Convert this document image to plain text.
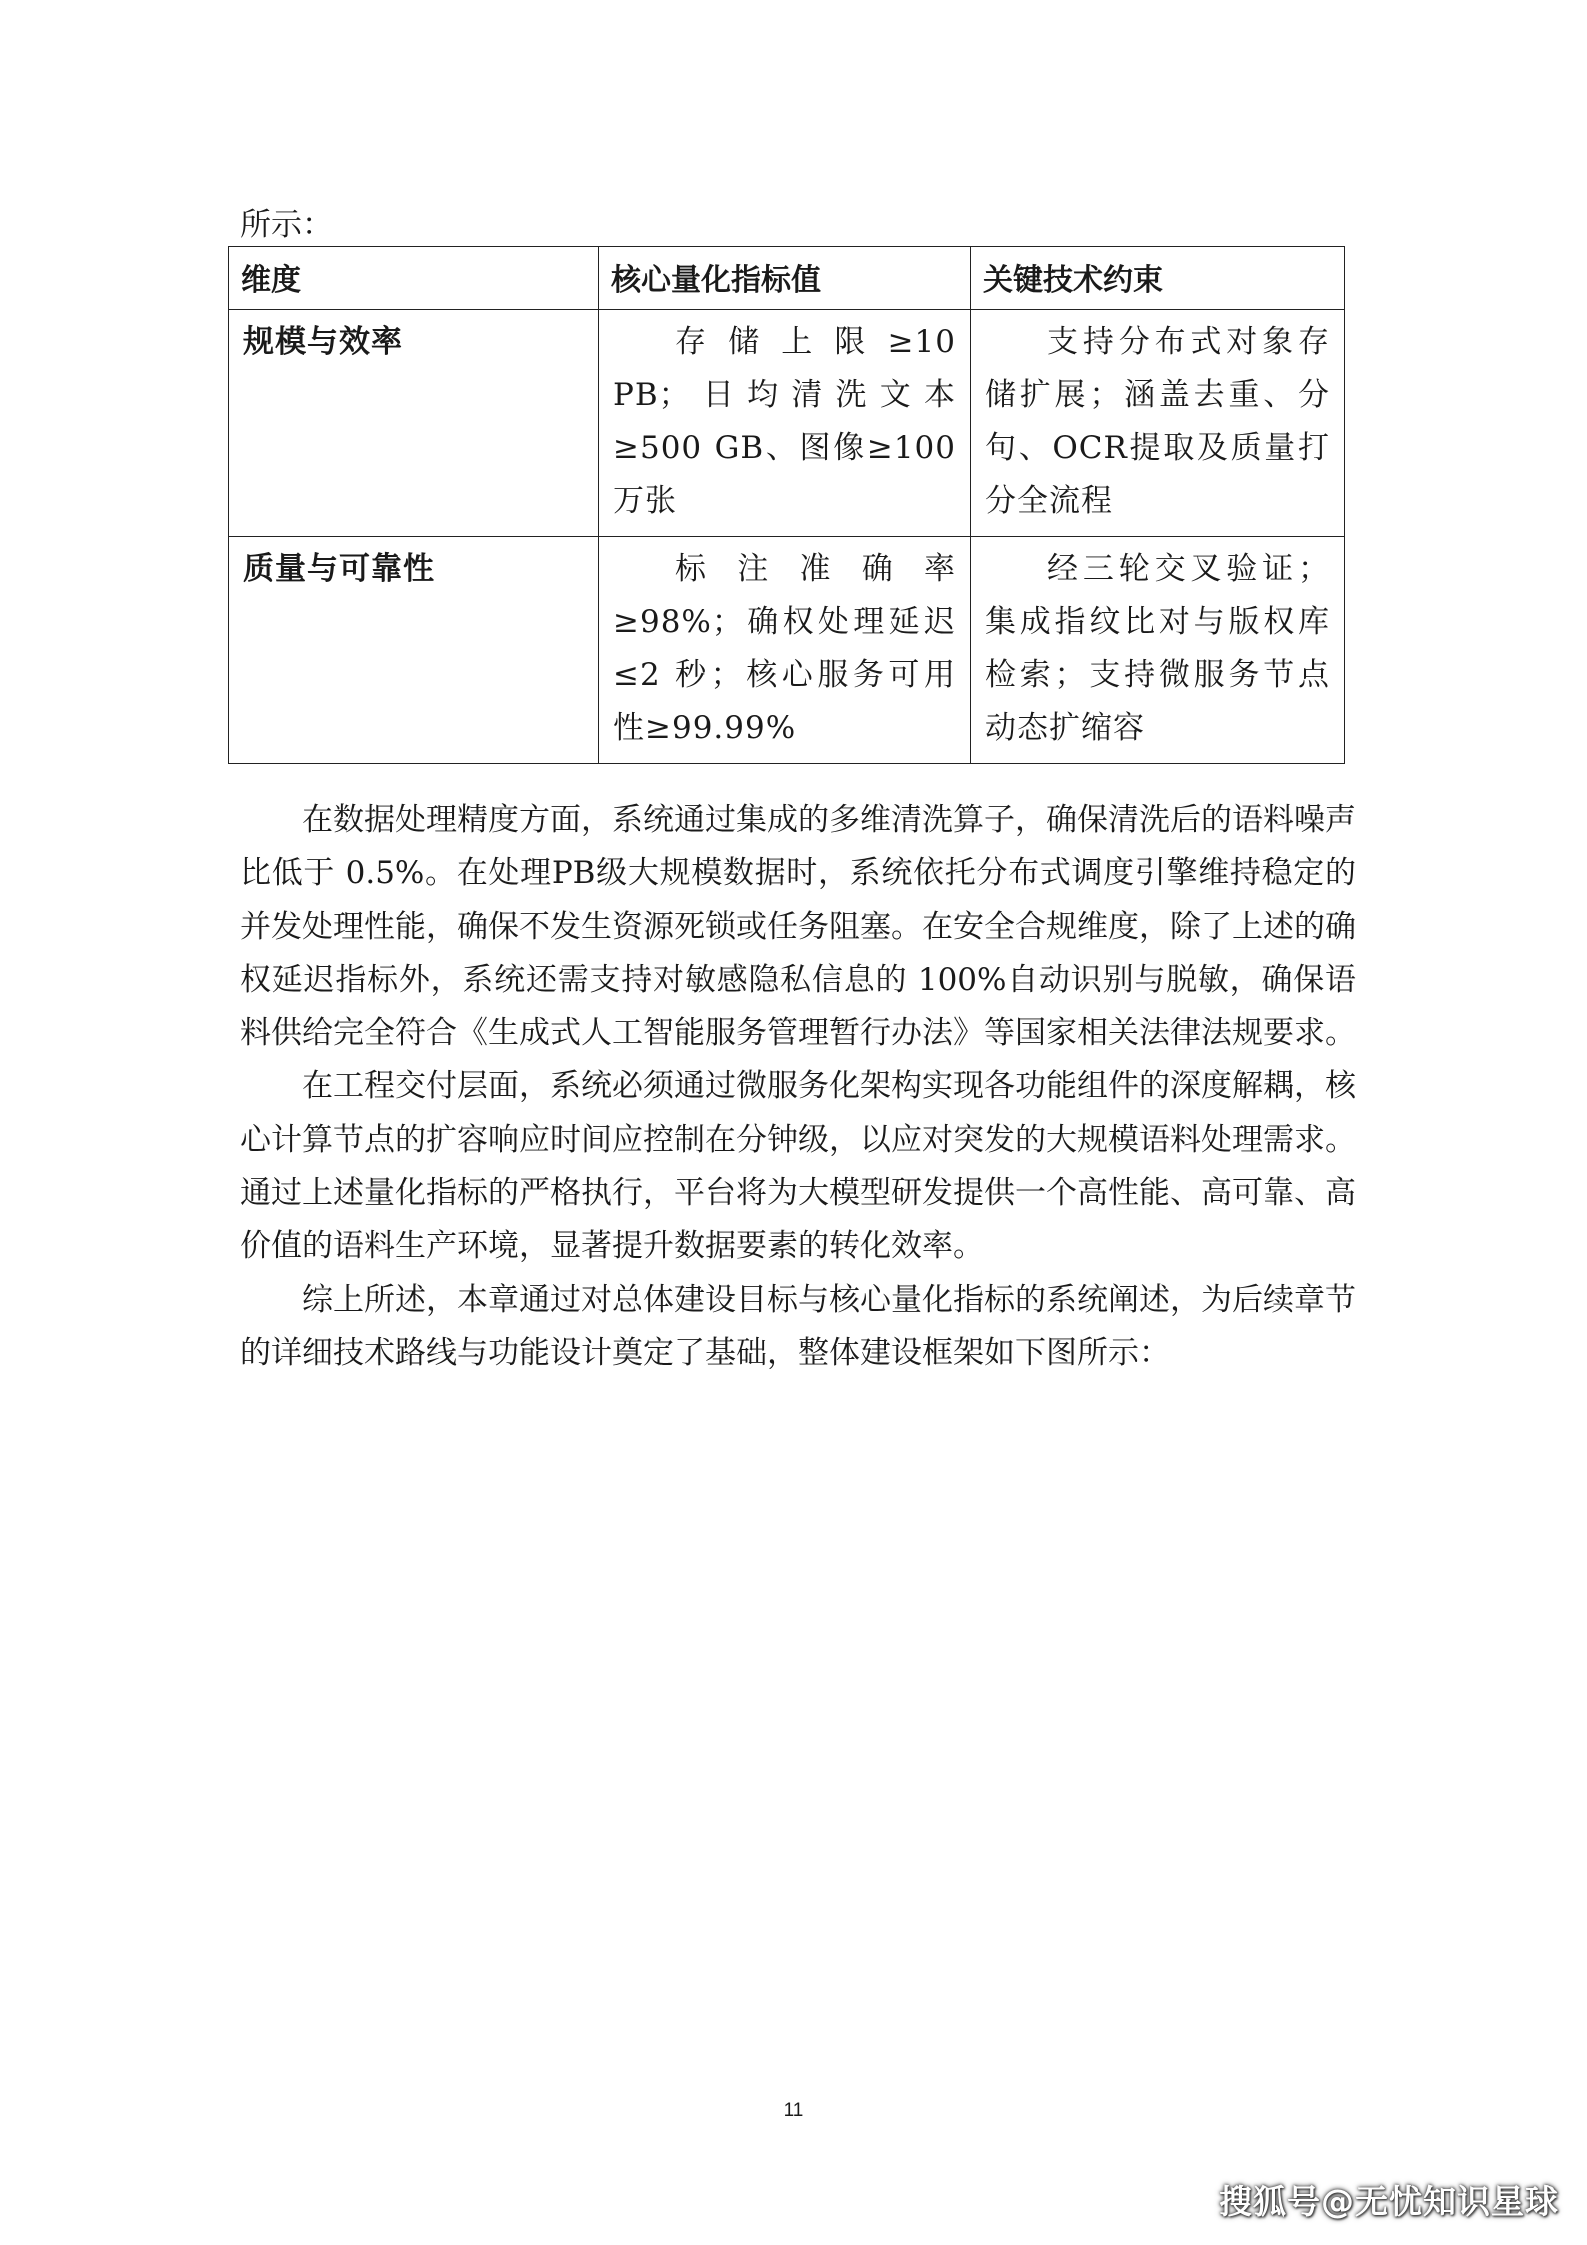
所示：

维度	核心量化指标值	关键技术约束
规模与效率	存储上限≥10 PB；日均清洗文本≥500 GB、图像≥100 万张	支持分布式对象存储扩展；涵盖去重、分句、OCR提取及质量打分全流程
质量与可靠性	标注准确率≥98%；确权处理延迟≤2 秒；核心服务可用性≥99.99%	经三轮交叉验证；集成指纹比对与版权库检索；支持微服务节点动态扩缩容

在数据处理精度方面，系统通过集成的多维清洗算子，确保清洗后的语料噪声比低于 0.5%。在处理PB级大规模数据时，系统依托分布式调度引擎维持稳定的并发处理性能，确保不发生资源死锁或任务阻塞。在安全合规维度，除了上述的确权延迟指标外，系统还需支持对敏感隐私信息的 100%自动识别与脱敏，确保语料供给完全符合《生成式人工智能服务管理暂行办法》等国家相关法律法规要求。

在工程交付层面，系统必须通过微服务化架构实现各功能组件的深度解耦，核心计算节点的扩容响应时间应控制在分钟级，以应对突发的大规模语料处理需求。通过上述量化指标的严格执行，平台将为大模型研发提供一个高性能、高可靠、高价值的语料生产环境，显著提升数据要素的转化效率。

综上所述，本章通过对总体建设目标与核心量化指标的系统阐述，为后续章节的详细技术路线与功能设计奠定了基础，整体建设框架如下图所示：

11
搜狐号@无忧知识星球
